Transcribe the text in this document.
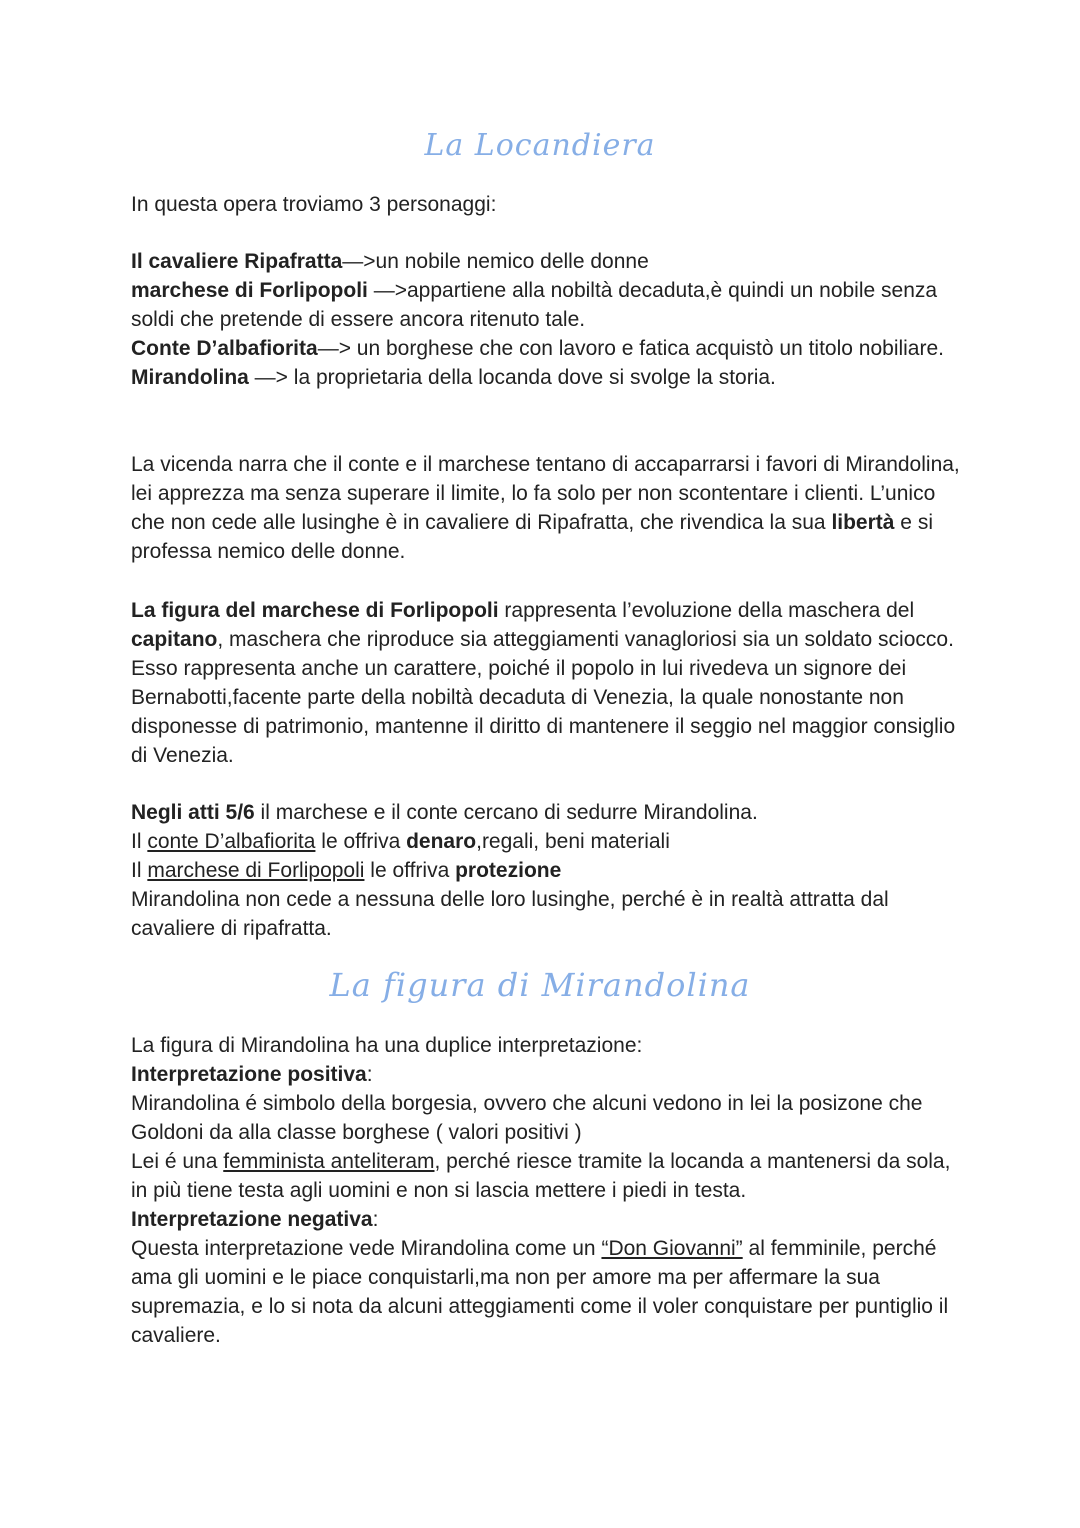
La Locandiera

In questa opera troviamo 3 personaggi:

Il cavaliere Ripafratta—>un nobile nemico delle donne

marchese di Forlipopoli —>appartiene alla nobiltà decaduta,è quindi un nobile senza soldi che pretende di essere ancora ritenuto tale.

Conte D’albafiorita—> un borghese che con lavoro e fatica acquistò un titolo nobiliare.

Mirandolina —> la proprietaria della locanda dove si svolge la storia.

La vicenda narra che il conte e il marchese tentano di accaparrarsi i favori di Mirandolina, lei apprezza ma senza superare il limite, lo fa solo per non scontentare i clienti. L’unico che non cede alle lusinghe è in cavaliere di Ripafratta, che rivendica la sua libertà e si professa nemico delle donne.

La figura del marchese di Forlipopoli rappresenta l’evoluzione della maschera del capitano, maschera che riproduce sia atteggiamenti vanagloriosi sia un soldato sciocco. Esso rappresenta anche un carattere, poiché il popolo in lui rivedeva un signore dei Bernabotti,facente parte della nobiltà decaduta di Venezia, la quale nonostante non disponesse di patrimonio, mantenne il diritto di mantenere il seggio nel maggior consiglio di Venezia.

Negli atti 5/6 il marchese e il conte cercano di sedurre Mirandolina.

Il conte D’albafiorita le offriva denaro,regali, beni materiali

Il marchese di Forlipopoli le offriva protezione

Mirandolina non cede a nessuna delle loro lusinghe, perché è in realtà attratta dal cavaliere di ripafratta.

La figura di Mirandolina

La figura di Mirandolina ha una duplice interpretazione:

Interpretazione positiva:

Mirandolina é simbolo della borgesia, ovvero che alcuni vedono in lei la posizone che Goldoni da alla classe borghese ( valori positivi )

Lei é una femminista anteliteram, perché riesce tramite la locanda a mantenersi da sola, in più tiene testa agli uomini e non si lascia mettere i piedi in testa.

Interpretazione negativa:

Questa interpretazione vede Mirandolina come un “Don Giovanni” al femminile, perché ama gli uomini e le piace conquistarli,ma non per amore ma per affermare la sua supremazia, e lo si nota da alcuni atteggiamenti come il voler conquistare per puntiglio il cavaliere.
